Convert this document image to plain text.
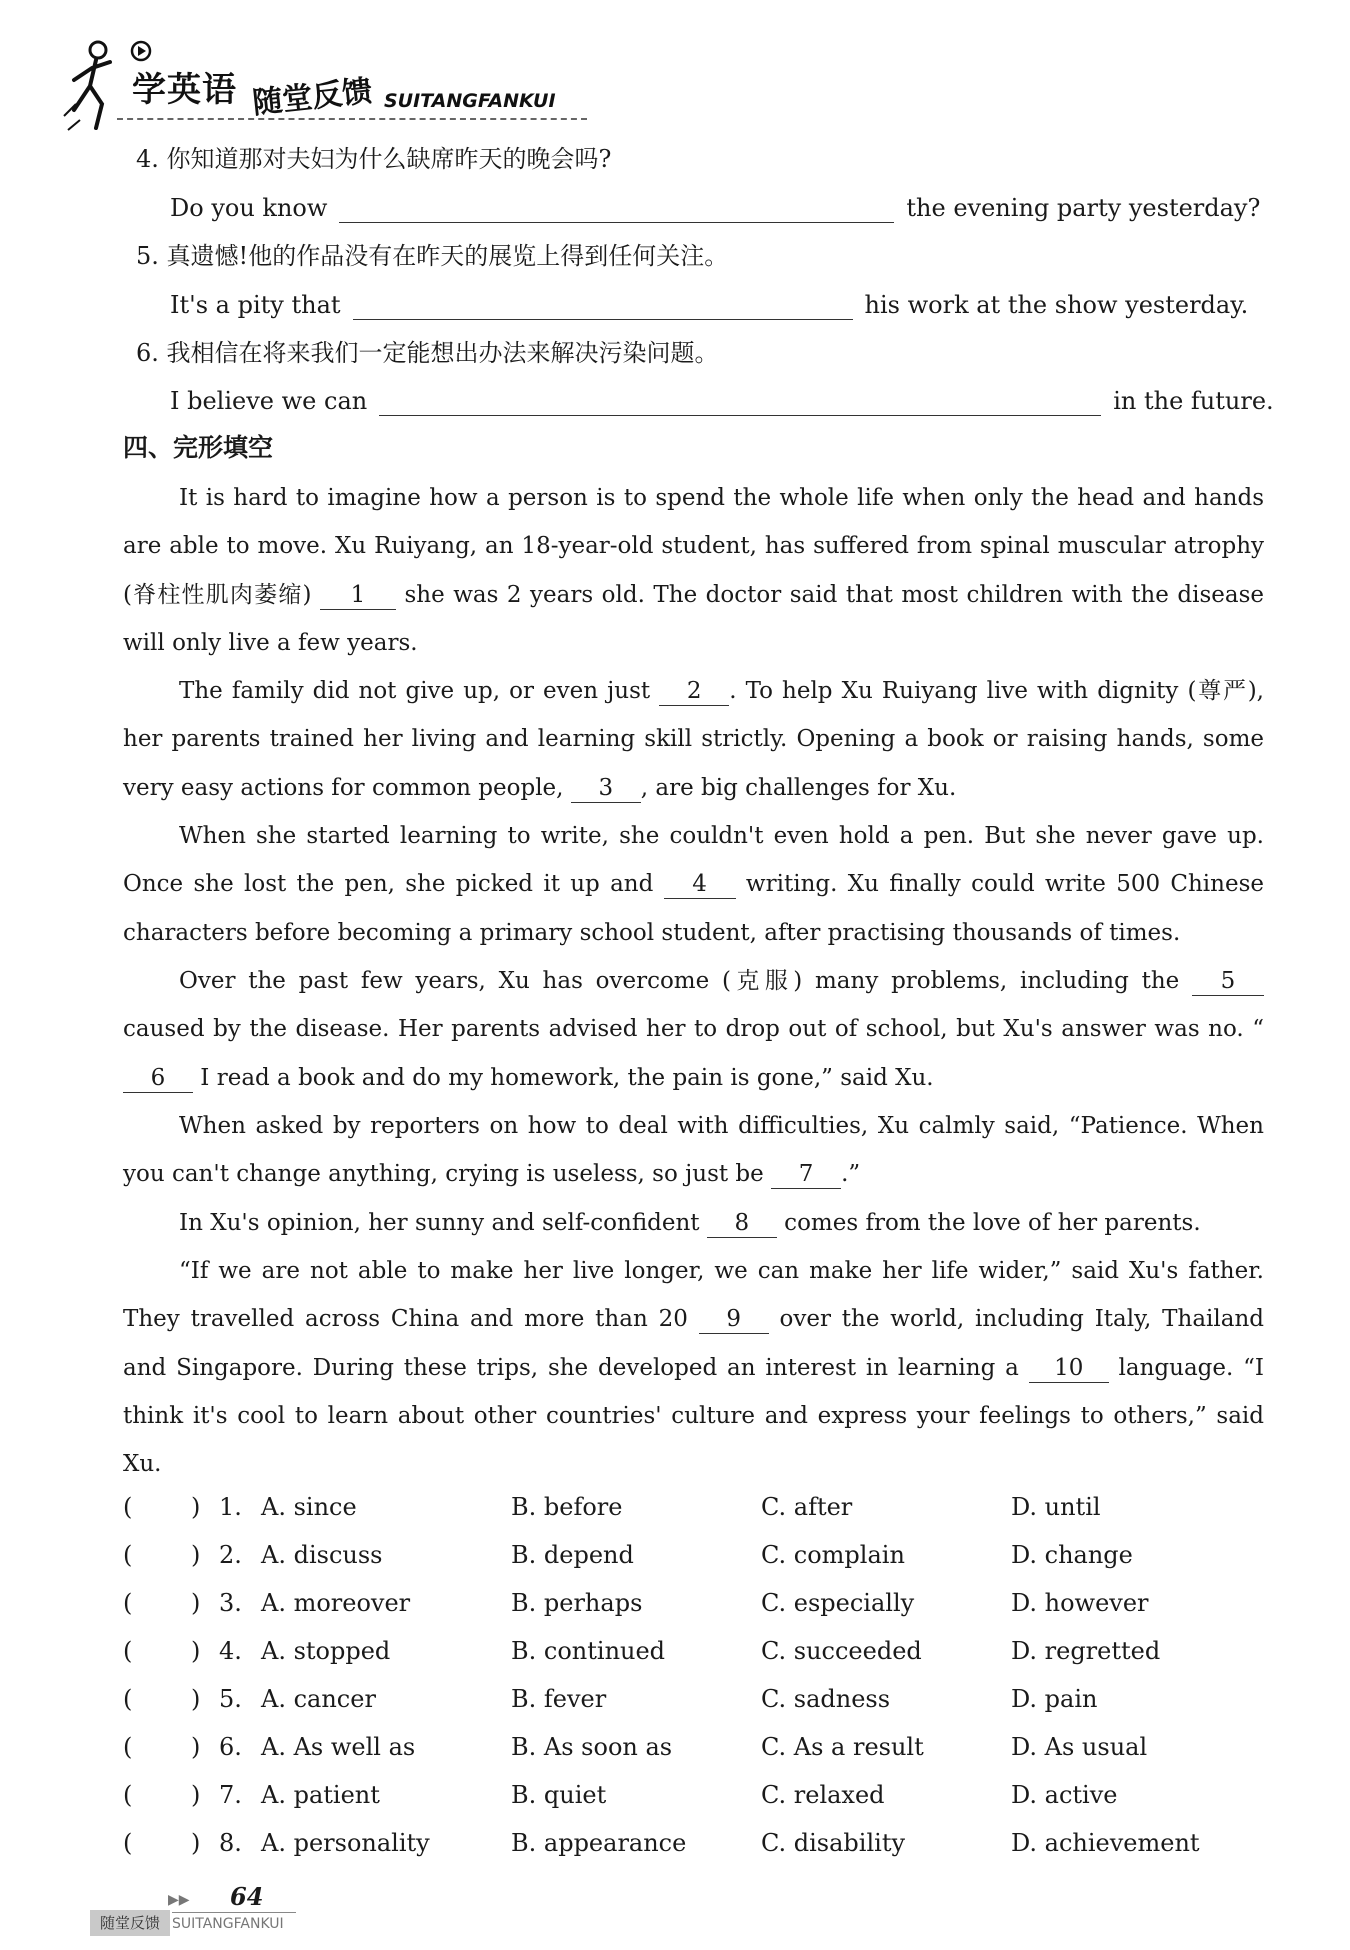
学英语 随堂反馈 SUITANGFANKUI
4. 你知道那对夫妇为什么缺席昨天的晚会吗?
Do you know	the evening party yesterday?
5. 真遗憾!他的作品没有在昨天的展览上得到任何关注。
It's a pity that	his work at the show yesterday.
6. 我相信在将来我们一定能想出办法来解决污染问题。
I believe we can	in the future.
四、完形填空
It is hard to imagine how a person is to spend the whole life when only the head and hands are able to move. Xu Ruiyang, an 18-year-old student, has suffered from spinal muscular atrophy (脊柱性肌肉萎缩) 1 she was 2 years old. The doctor said that most children with the disease will only live a few years.
The family did not give up, or even just 2 . To help Xu Ruiyang live with dignity (尊严), her parents trained her living and learning skill strictly. Opening a book or raising hands, some very easy actions for common people, 3 , are big challenges for Xu.
When she started learning to write, she couldn't even hold a pen. But she never gave up. Once she lost the pen, she picked it up and 4 writing. Xu finally could write 500 Chinese characters before becoming a primary school student, after practising thousands of times.
Over the past few years, Xu has overcome (克服) many problems, including the 5 caused by the disease. Her parents advised her to drop out of school, but Xu's answer was no. “6 I read a book and do my homework, the pain is gone,” said Xu.
When asked by reporters on how to deal with difficulties, Xu calmly said, “Patience. When you can't change anything, crying is useless, so just be 7 .”
In Xu's opinion, her sunny and self-confident 8 comes from the love of her parents.
“If we are not able to make her live longer, we can make her life wider,” said Xu's father. They travelled across China and more than 20 9 over the world, including Italy, Thailand and Singapore. During these trips, she developed an interest in learning a 10 language. “I think it's cool to learn about other countries' culture and express your feelings to others,” said Xu.
( ) 1. A. since	B. before	C. after	D. until
( ) 2. A. discuss	B. depend	C. complain	D. change
( ) 3. A. moreover	B. perhaps	C. especially	D. however
( ) 4. A. stopped	B. continued	C. succeeded	D. regretted
( ) 5. A. cancer	B. fever	C. sadness	D. pain
( ) 6. A. As well as	B. As soon as	C. As a result	D. As usual
( ) 7. A. patient	B. quiet	C. relaxed	D. active
( ) 8. A. personality	B. appearance	C. disability	D. achievement
▶▶ 64
随堂反馈 SUITANGFANKUI
